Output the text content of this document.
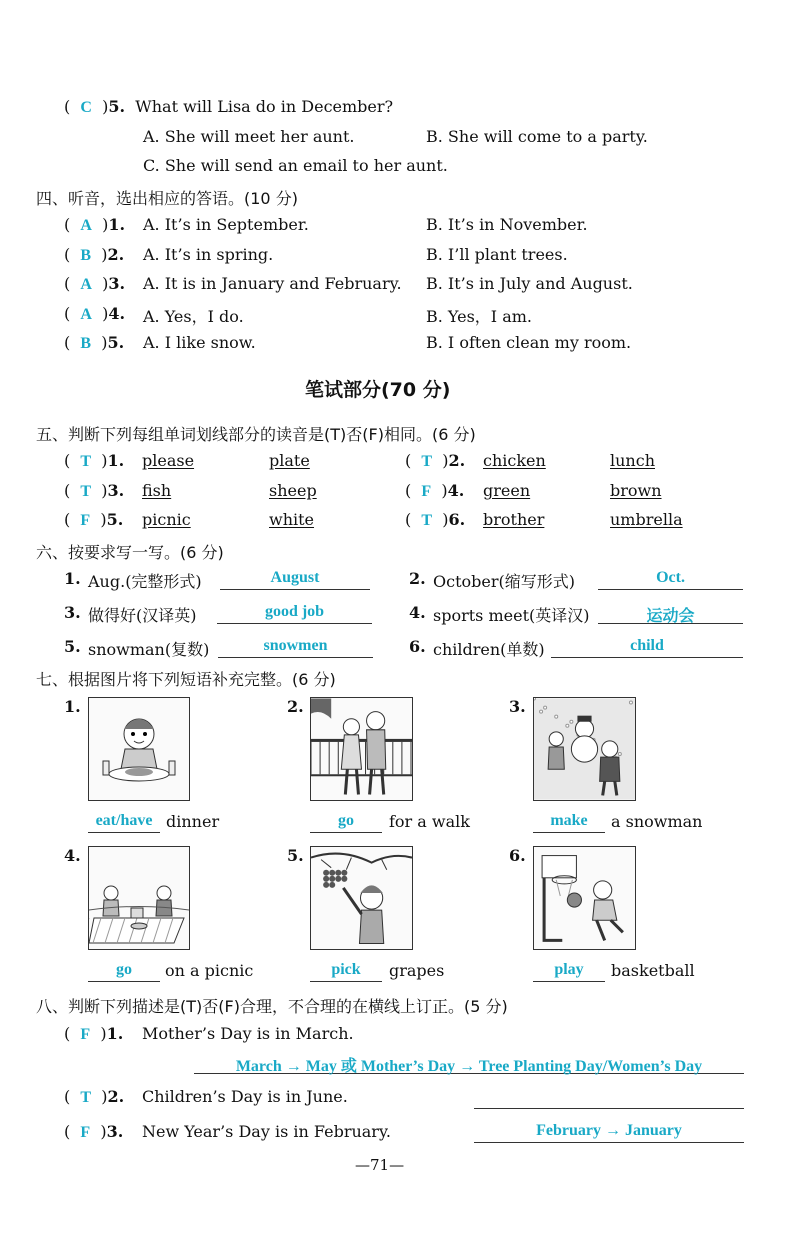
(  C  )5. What will Lisa do in December?
A. She will meet her aunt.	B. She will come to a party.
C. She will send an email to her aunt.
四、听音，选出相应的答语。(10 分)
(  A  )1. A. It’s in September.	B. It’s in November.
(  B  )2. A. It’s in spring.	B. I’ll plant trees.
(  A  )3. A. It is in January and February. B. It’s in July and August.
(  A  )4. A. Yes，I do.	B. Yes，I am.
(  B  )5. A. I like snow.	B. I often clean my room.
笔试部分(70 分)
五、判断下列每组单词划线部分的读音是(T)否(F)相同。(6 分)
(  T  )1. please	plate	(  T  )2. chicken	lunch
(  T  )3. fish	sheep	(  F  )4. green	brown
(  F  )5. picnic	white	(  T  )6. brother	umbrella
六、按要求写一写。(6 分)
1. Aug.(完整形式)	August	2. October(缩写形式)	Oct.
3. 做得好(汉译英)	good job	4. sports meet(英译汉)	运动会
5. snowman(复数)	snowmen	6. children(单数)	child
七、根据图片将下列短语补充完整。(6 分)
1.
eat/have dinner
2.
go	for a walk
3.
make	a snowman
4.
go	on a picnic
5.
pick	grapes
6.
play	basketball
八、判断下列描述是(T)否(F)合理，不合理的在横线上订正。(5 分)
(  F  )1. Mother’s Day is in March.
March → May 或 Mother’s Day → Tree Planting Day/Women’s Day
(  T  )2. Children’s Day is in June.
(  F  )3. New Year’s Day is in February.	February → January
—71—
